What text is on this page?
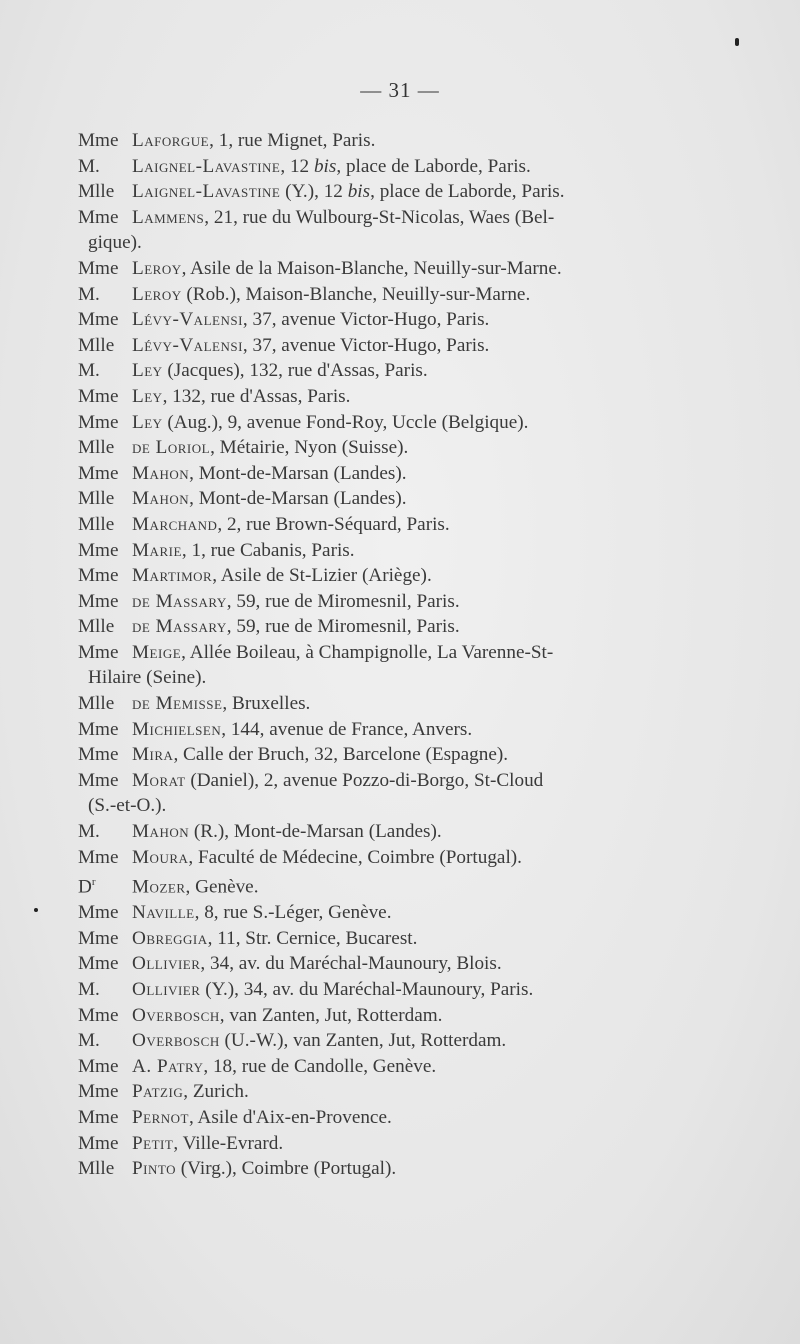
— 31 —
Mme Laforgue, 1, rue Mignet, Paris.
M. Laignel-Lavastine, 12 bis, place de Laborde, Paris.
Mlle Laignel-Lavastine (Y.), 12 bis, place de Laborde, Paris.
Mme Lammens, 21, rue du Wulbourg-St-Nicolas, Waes (Bel-
gique).
Mme Leroy, Asile de la Maison-Blanche, Neuilly-sur-Marne.
M. Leroy (Rob.), Maison-Blanche, Neuilly-sur-Marne.
Mme Lévy-Valensi, 37, avenue Victor-Hugo, Paris.
Mlle Lévy-Valensi, 37, avenue Victor-Hugo, Paris.
M. Ley (Jacques), 132, rue d'Assas, Paris.
Mme Ley, 132, rue d'Assas, Paris.
Mme Ley (Aug.), 9, avenue Fond-Roy, Uccle (Belgique).
Mlle de Loriol, Métairie, Nyon (Suisse).
Mme Mahon, Mont-de-Marsan (Landes).
Mlle Mahon, Mont-de-Marsan (Landes).
Mlle Marchand, 2, rue Brown-Séquard, Paris.
Mme Marie, 1, rue Cabanis, Paris.
Mme Martimor, Asile de St-Lizier (Ariège).
Mme de Massary, 59, rue de Miromesnil, Paris.
Mlle de Massary, 59, rue de Miromesnil, Paris.
Mme Meige, Allée Boileau, à Champignolle, La Varenne-St-
Hilaire (Seine).
Mlle de Memisse, Bruxelles.
Mme Michielsen, 144, avenue de France, Anvers.
Mme Mira, Calle der Bruch, 32, Barcelone (Espagne).
Mme Morat (Daniel), 2, avenue Pozzo-di-Borgo, St-Cloud
(S.-et-O.).
M. Mahon (R.), Mont-de-Marsan (Landes).
Mme Moura, Faculté de Médecine, Coimbre (Portugal).
$D^r$ Mozer, Genève.
Mme Naville, 8, rue S.-Léger, Genève.
Mme Obreggia, 11, Str. Cernice, Bucarest.
Mme Ollivier, 34, av. du Maréchal-Maunoury, Blois.
M. Ollivier (Y.), 34, av. du Maréchal-Maunoury, Paris.
Mme Overbosch, van Zanten, Jut, Rotterdam.
M. Overbosch (U.-W.), van Zanten, Jut, Rotterdam.
Mme A. Patry, 18, rue de Candolle, Genève.
Mme Patzig, Zurich.
Mme Pernot, Asile d'Aix-en-Provence.
Mme Petit, Ville-Evrard.
Mlle Pinto (Virg.), Coimbre (Portugal).
